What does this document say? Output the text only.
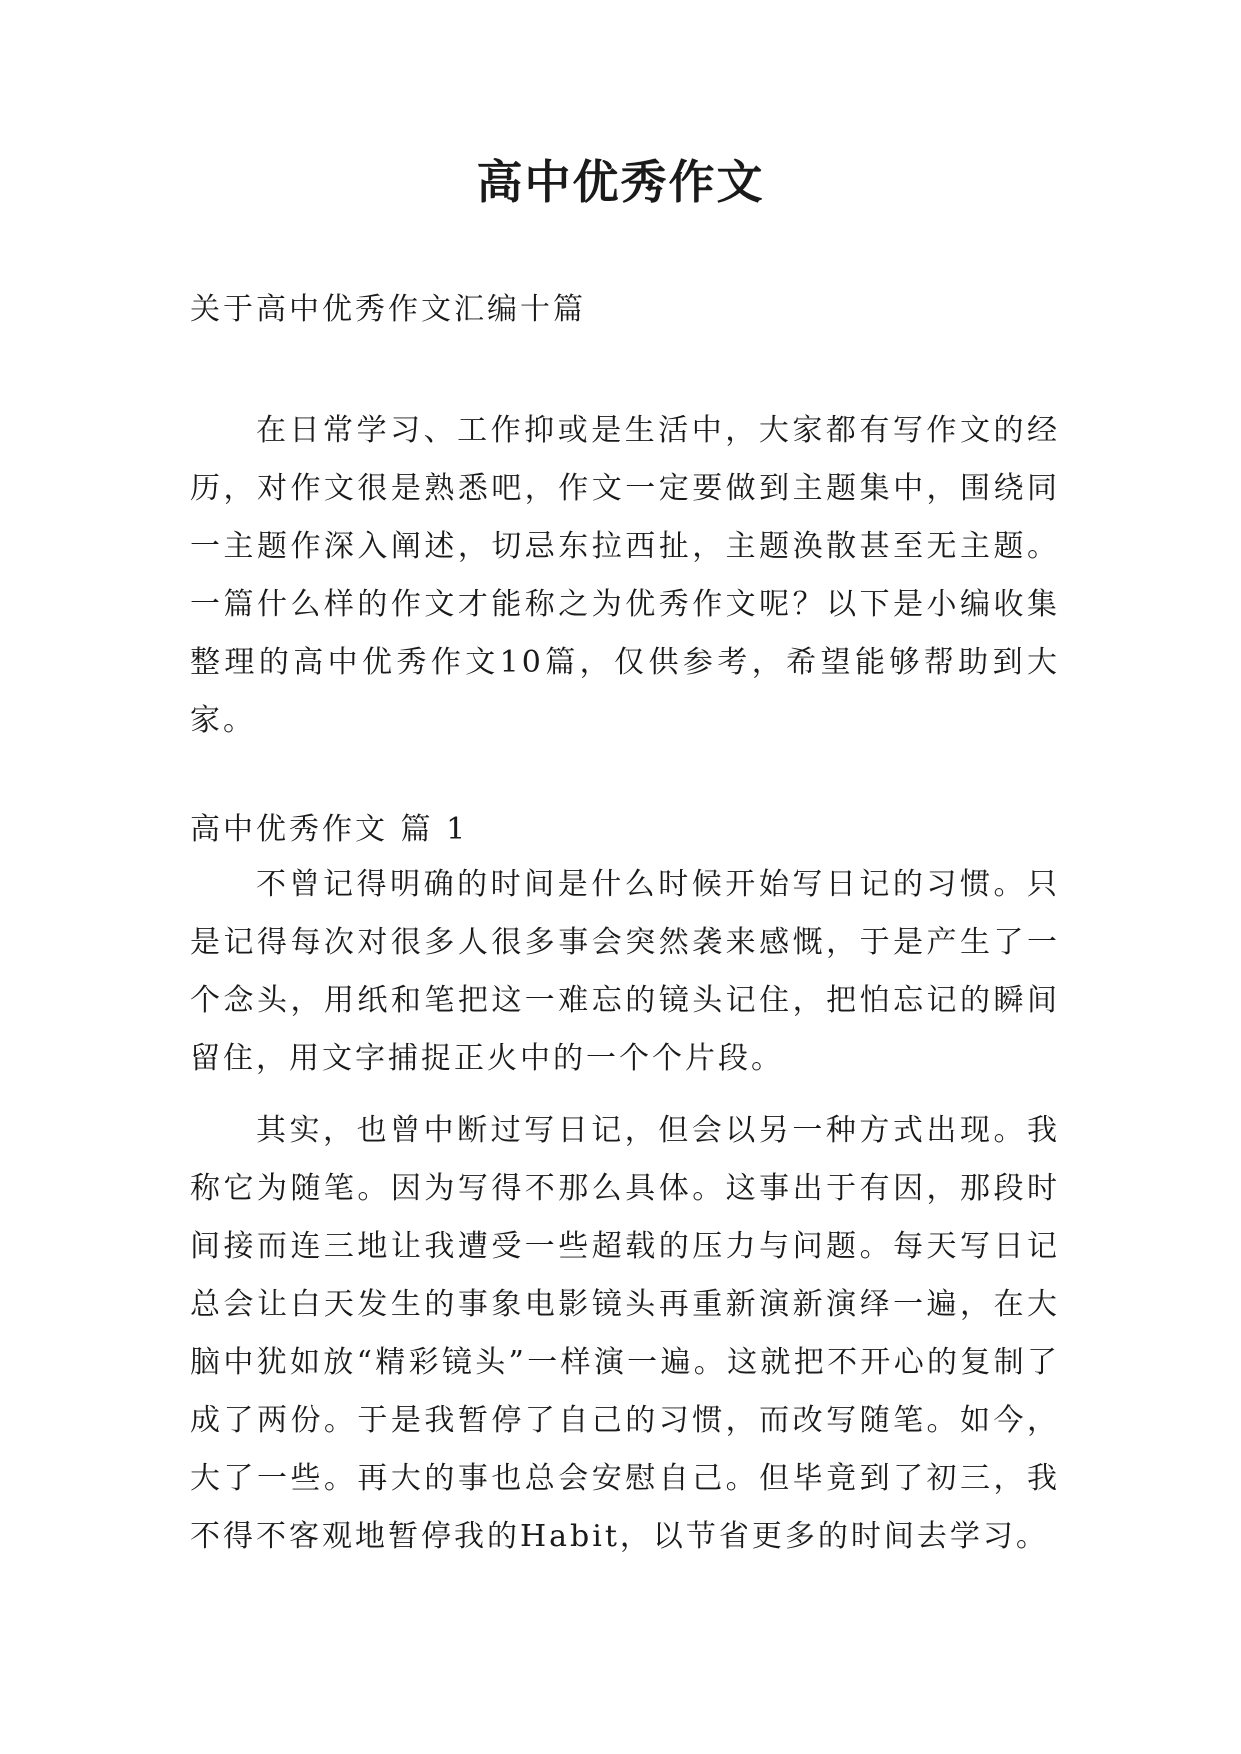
高中优秀作文

关于高中优秀作文汇编十篇

在日常学习、工作抑或是生活中，大家都有写作文的经历，对作文很是熟悉吧，作文一定要做到主题集中，围绕同一主题作深入阐述，切忌东拉西扯，主题涣散甚至无主题。一篇什么样的作文才能称之为优秀作文呢？以下是小编收集整理的高中优秀作文10篇，仅供参考，希望能够帮助到大家。

高中优秀作文 篇 1

不曾记得明确的时间是什么时候开始写日记的习惯。只是记得每次对很多人很多事会突然袭来感慨，于是产生了一个念头，用纸和笔把这一难忘的镜头记住，把怕忘记的瞬间留住，用文字捕捉正火中的一个个片段。

其实，也曾中断过写日记，但会以另一种方式出现。我称它为随笔。因为写得不那么具体。这事出于有因，那段时间接而连三地让我遭受一些超载的压力与问题。每天写日记总会让白天发生的事象电影镜头再重新演新演绎一遍，在大脑中犹如放“精彩镜头”一样演一遍。这就把不开心的复制了成了两份。于是我暂停了自己的习惯，而改写随笔。如今，大了一些。再大的事也总会安慰自己。但毕竟到了初三，我不得不客观地暂停我的Habit，以节省更多的时间去学习。
